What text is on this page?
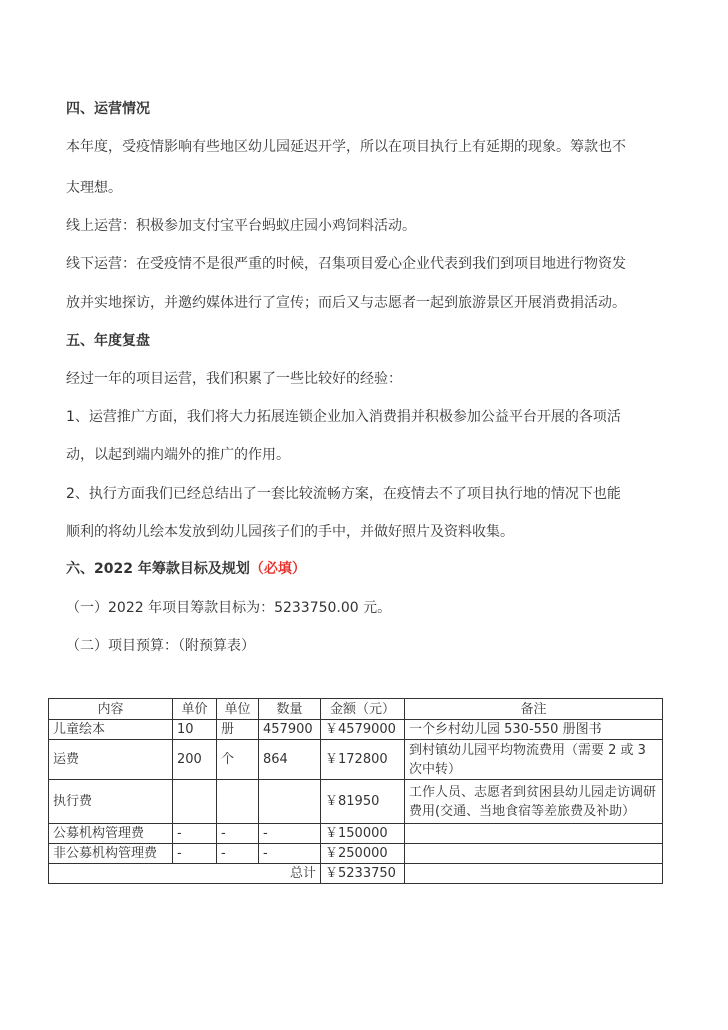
四、运营情况
本年度，受疫情影响有些地区幼儿园延迟开学，所以在项目执行上有延期的现象。筹款也不
太理想。
线上运营：积极参加支付宝平台蚂蚁庄园小鸡饲料活动。
线下运营：在受疫情不是很严重的时候，召集项目爱心企业代表到我们到项目地进行物资发
放并实地探访，并邀约媒体进行了宣传；而后又与志愿者一起到旅游景区开展消费捐活动。
五、年度复盘
经过一年的项目运营，我们积累了一些比较好的经验：
1、运营推广方面，我们将大力拓展连锁企业加入消费捐并积极参加公益平台开展的各项活
动，以起到端内端外的推广的作用。
2、执行方面我们已经总结出了一套比较流畅方案，在疫情去不了项目执行地的情况下也能
顺利的将幼儿绘本发放到幼儿园孩子们的手中，并做好照片及资料收集。
六、2022 年筹款目标及规划（必填）
（一）2022 年项目筹款目标为：5233750.00 元。
（二）项目预算：（附预算表）
内容	单价	单位	数量	金额（元）	备注
儿童绘本	10	册	457900	￥4579000	一个乡村幼儿园 530-550 册图书
运费	200	个	864	￥172800	到村镇幼儿园平均物流费用（需要 2 或 3 次中转）
执行费				￥81950	工作人员、志愿者到贫困县幼儿园走访调研费用(交通、当地食宿等差旅费及补助）
公募机构管理费	-	-	-	￥150000	
非公募机构管理费	-	-	-	￥250000	
总计				￥5233750	
